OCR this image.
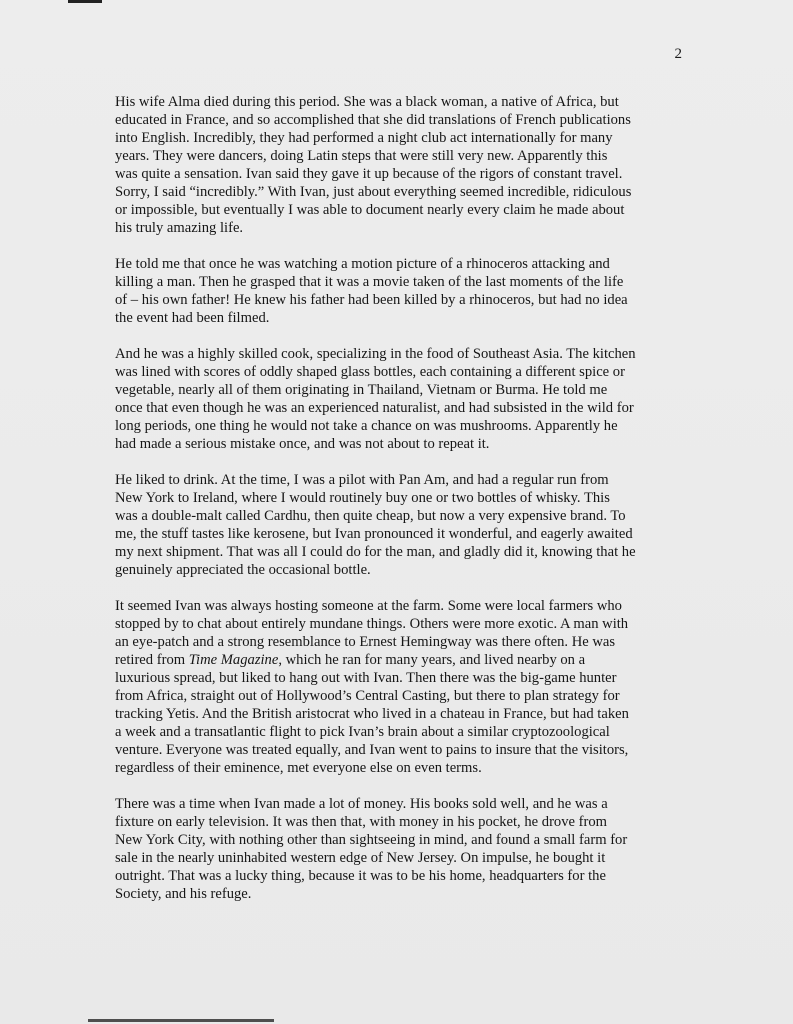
2

His wife Alma died during this period. She was a black woman, a native of Africa, but
educated in France, and so accomplished that she did translations of French publications
into English. Incredibly, they had performed a night club act internationally for many
years. They were dancers, doing Latin steps that were still very new. Apparently this
was quite a sensation. Ivan said they gave it up because of the rigors of constant travel.
Sorry, I said “incredibly.” With Ivan, just about everything seemed incredible, ridiculous
or impossible, but eventually I was able to document nearly every claim he made about
his truly amazing life.

He told me that once he was watching a motion picture of a rhinoceros attacking and
killing a man. Then he grasped that it was a movie taken of the last moments of the life
of – his own father! He knew his father had been killed by a rhinoceros, but had no idea
the event had been filmed.

And he was a highly skilled cook, specializing in the food of Southeast Asia. The kitchen
was lined with scores of oddly shaped glass bottles, each containing a different spice or
vegetable, nearly all of them originating in Thailand, Vietnam or Burma. He told me
once that even though he was an experienced naturalist, and had subsisted in the wild for
long periods, one thing he would not take a chance on was mushrooms. Apparently he
had made a serious mistake once, and was not about to repeat it.

He liked to drink. At the time, I was a pilot with Pan Am, and had a regular run from
New York to Ireland, where I would routinely buy one or two bottles of whisky. This
was a double-malt called Cardhu, then quite cheap, but now a very expensive brand. To
me, the stuff tastes like kerosene, but Ivan pronounced it wonderful, and eagerly awaited
my next shipment. That was all I could do for the man, and gladly did it, knowing that he
genuinely appreciated the occasional bottle.

It seemed Ivan was always hosting someone at the farm. Some were local farmers who
stopped by to chat about entirely mundane things. Others were more exotic. A man with
an eye-patch and a strong resemblance to Ernest Hemingway was there often. He was
retired from Time Magazine, which he ran for many years, and lived nearby on a
luxurious spread, but liked to hang out with Ivan. Then there was the big-game hunter
from Africa, straight out of Hollywood’s Central Casting, but there to plan strategy for
tracking Yetis. And the British aristocrat who lived in a chateau in France, but had taken
a week and a transatlantic flight to pick Ivan’s brain about a similar cryptozoological
venture. Everyone was treated equally, and Ivan went to pains to insure that the visitors,
regardless of their eminence, met everyone else on even terms.

There was a time when Ivan made a lot of money. His books sold well, and he was a
fixture on early television. It was then that, with money in his pocket, he drove from
New York City, with nothing other than sightseeing in mind, and found a small farm for
sale in the nearly uninhabited western edge of New Jersey. On impulse, he bought it
outright. That was a lucky thing, because it was to be his home, headquarters for the
Society, and his refuge.
